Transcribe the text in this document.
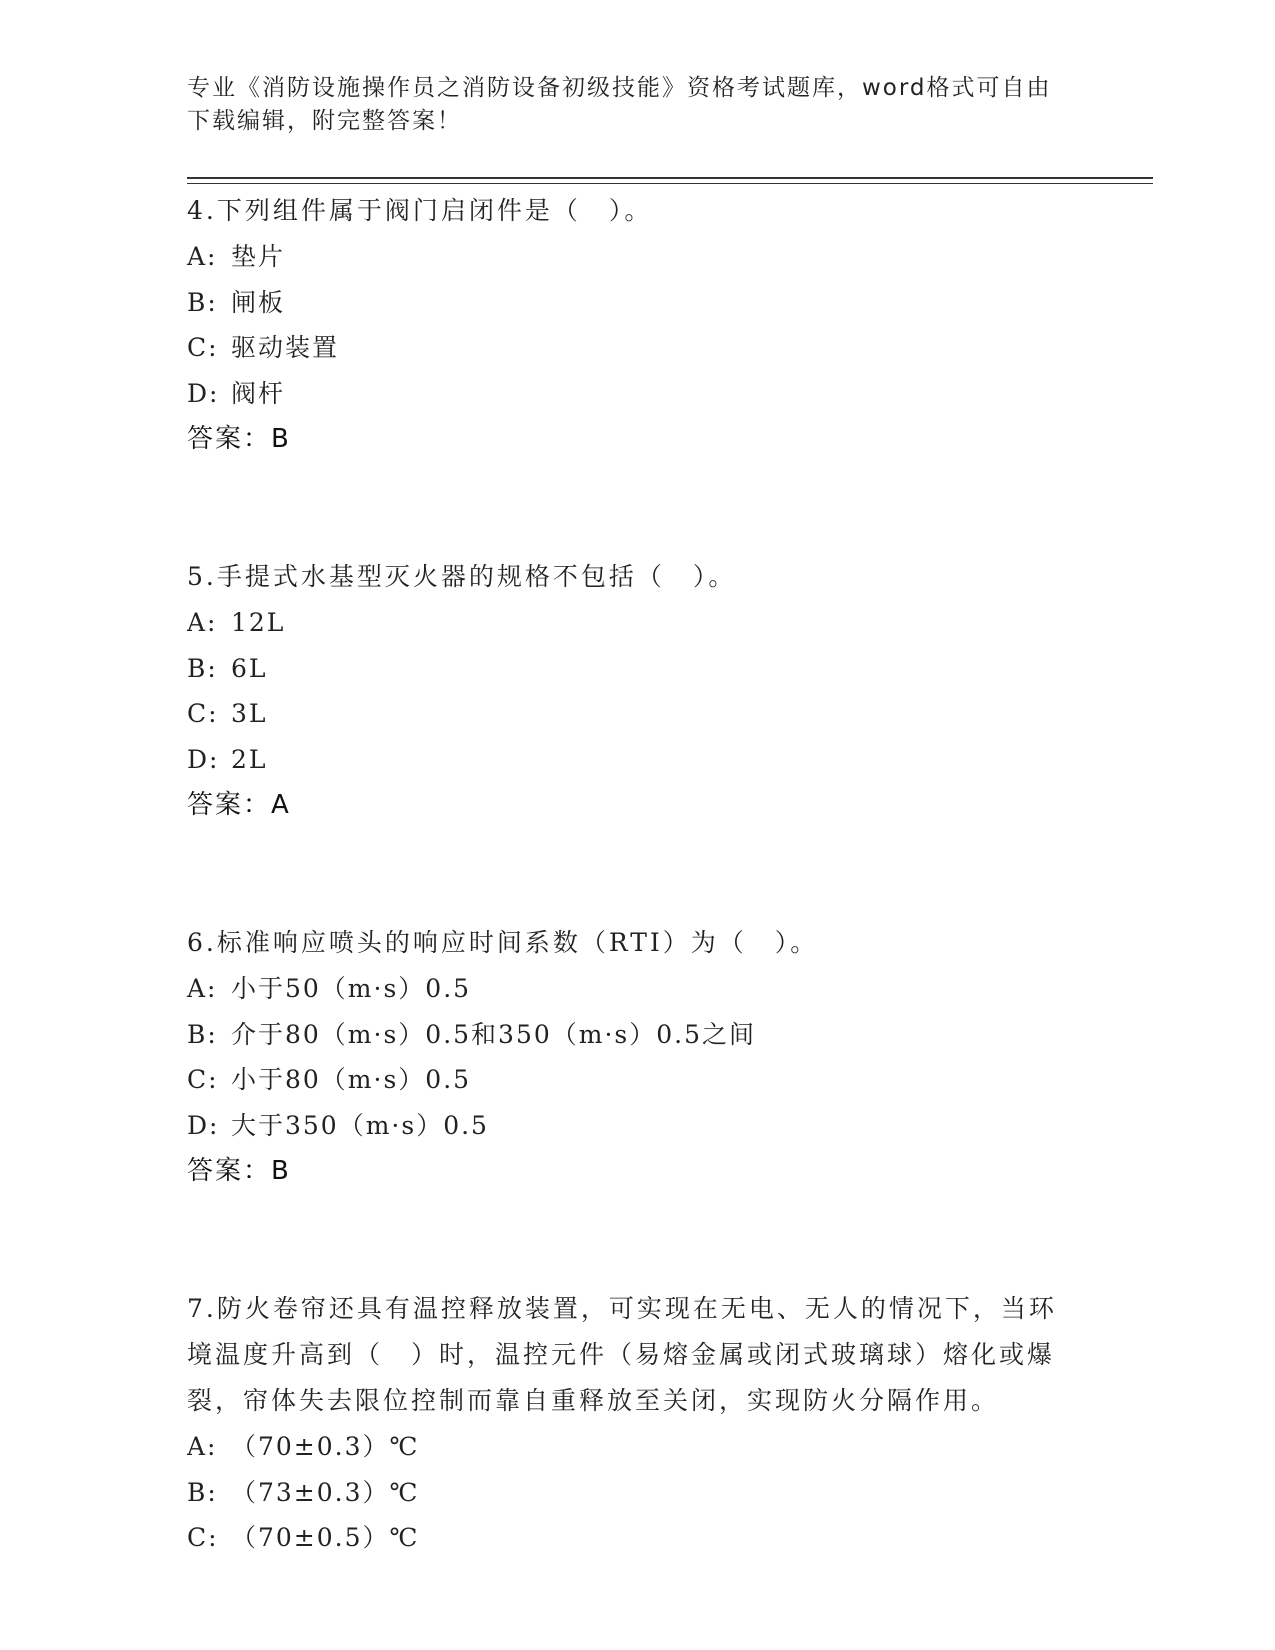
专业《消防设施操作员之消防设备初级技能》资格考试题库，word格式可自由下载编辑，附完整答案！

4.下列组件属于阀门启闭件是（　）。

A: 垫片

B: 闸板

C: 驱动装置

D: 阀杆

答案：B

5.手提式水基型灭火器的规格不包括（　）。

A: 12L

B: 6L

C: 3L

D: 2L

答案：A

6.标准响应喷头的响应时间系数（RTI）为（　）。

A: 小于50（m·s）0.5

B: 介于80（m·s）0.5和350（m·s）0.5之间

C: 小于80（m·s）0.5

D: 大于350（m·s）0.5

答案：B

7.防火卷帘还具有温控释放装置，可实现在无电、无人的情况下，当环境温度升高到（　）时，温控元件（易熔金属或闭式玻璃球）熔化或爆裂，帘体失去限位控制而靠自重释放至关闭，实现防火分隔作用。

A: （70±0.3）℃

B: （73±0.3）℃

C: （70±0.5）℃
